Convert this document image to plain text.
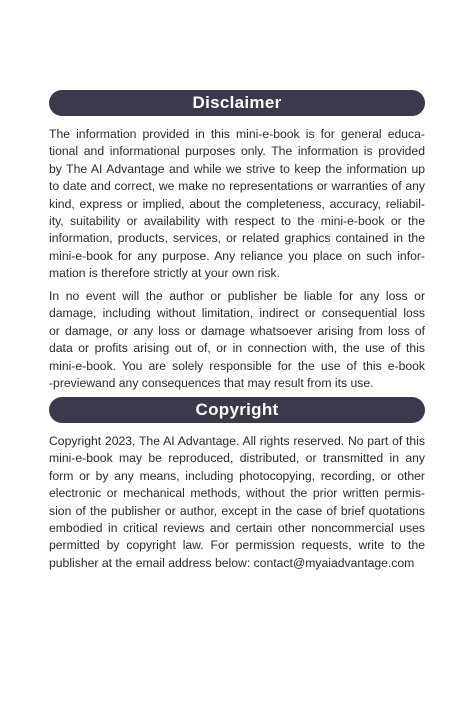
Disclaimer
The information provided in this mini-e-book is for general educa-
tional and informational purposes only. The information is provided
by The AI Advantage and while we strive to keep the information up
to date and correct, we make no representations or warranties of any
kind, express or implied, about the completeness, accuracy, reliabil-
ity, suitability or availability with respect to the mini-e-book or the
information, products, services, or related graphics contained in the
mini-e-book for any purpose. Any reliance you place on such infor-
mation is therefore strictly at your own risk.
In no event will the author or publisher be liable for any loss or
damage, including without limitation, indirect or consequential loss
or damage, or any loss or damage whatsoever arising from loss of
data or profits arising out of, or in connection with, the use of this
mini-e-book. You are solely responsible for the use of this e-book
-previewand any consequences that may result from its use.
Copyright
Copyright 2023, The AI Advantage. All rights reserved. No part of this
mini-e-book may be reproduced, distributed, or transmitted in any
form or by any means, including photocopying, recording, or other
electronic or mechanical methods, without the prior written permis-
sion of the publisher or author, except in the case of brief quotations
embodied in critical reviews and certain other noncommercial uses
permitted by copyright law. For permission requests, write to the
publisher at the email address below: contact@myaiadvantage.com
